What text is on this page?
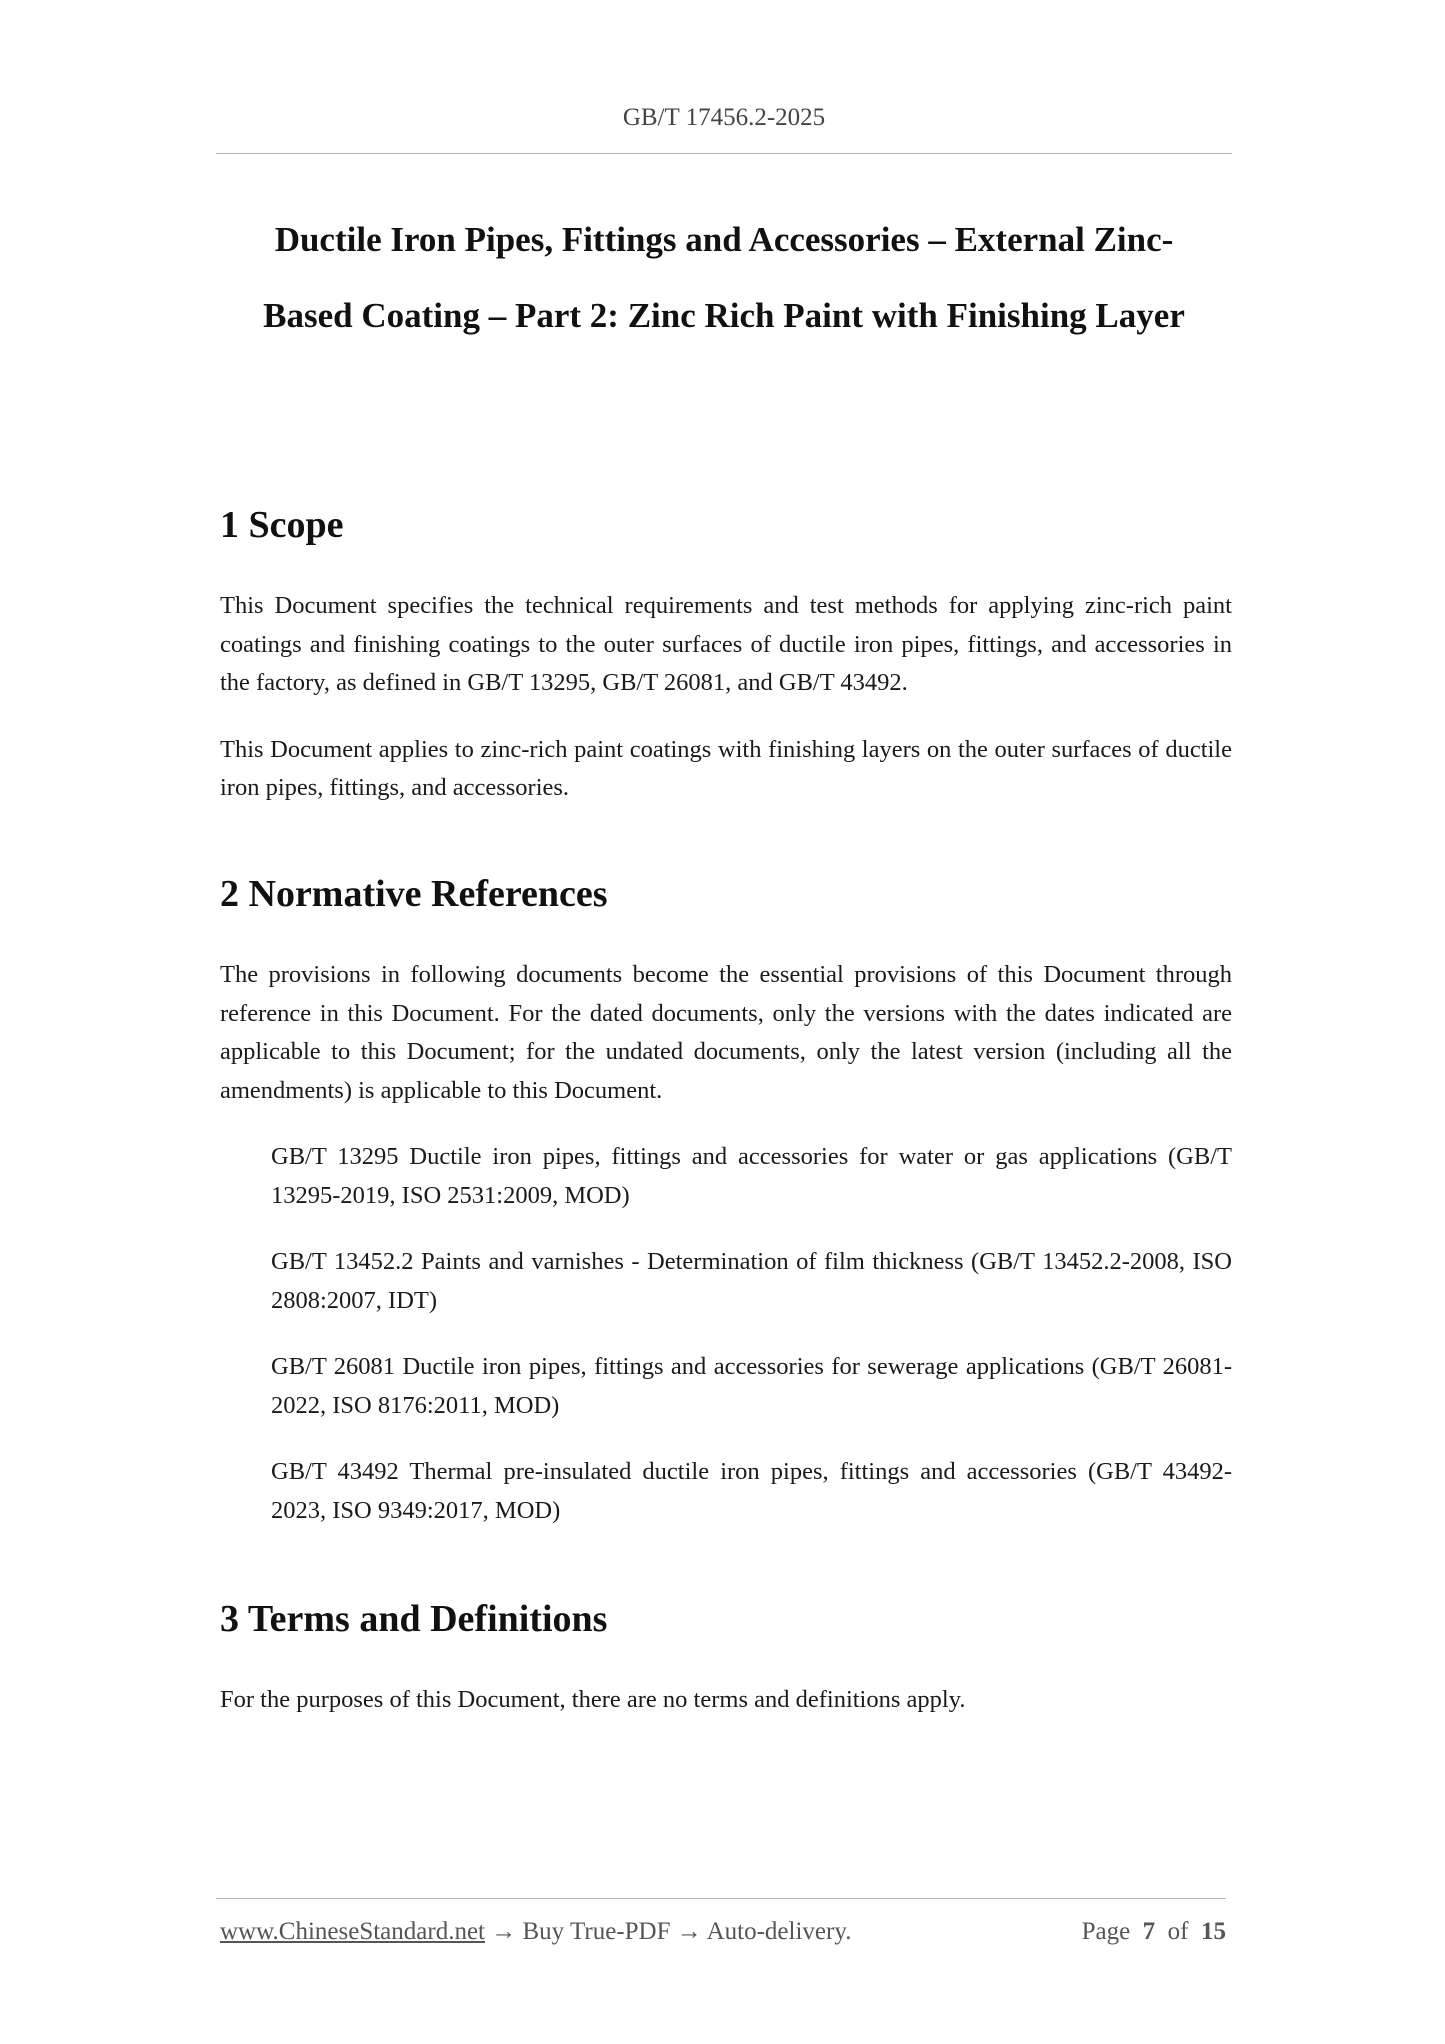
GB/T 17456.2-2025
Ductile Iron Pipes, Fittings and Accessories – External Zinc-
Based Coating – Part 2: Zinc Rich Paint with Finishing Layer
1 Scope

This Document specifies the technical requirements and test methods for applying zinc-rich paint coatings and finishing coatings to the outer surfaces of ductile iron pipes, fittings, and accessories in the factory, as defined in GB/T 13295, GB/T 26081, and GB/T 43492.

This Document applies to zinc-rich paint coatings with finishing layers on the outer surfaces of ductile iron pipes, fittings, and accessories.

2 Normative References

The provisions in following documents become the essential provisions of this Document through reference in this Document. For the dated documents, only the versions with the dates indicated are applicable to this Document; for the undated documents, only the latest version (including all the amendments) is applicable to this Document.

GB/T 13295 Ductile iron pipes, fittings and accessories for water or gas applications (GB/T 13295-2019, ISO 2531:2009, MOD)

GB/T 13452.2 Paints and varnishes - Determination of film thickness (GB/T 13452.2-2008, ISO 2808:2007, IDT)

GB/T 26081 Ductile iron pipes, fittings and accessories for sewerage applications (GB/T 26081-2022, ISO 8176:2011, MOD)

GB/T 43492 Thermal pre-insulated ductile iron pipes, fittings and accessories (GB/T 43492-2023, ISO 9349:2017, MOD)

3 Terms and Definitions

For the purposes of this Document, there are no terms and definitions apply.

www.ChineseStandard.net → Buy True-PDF → Auto-delivery.	Page 7 of 15
